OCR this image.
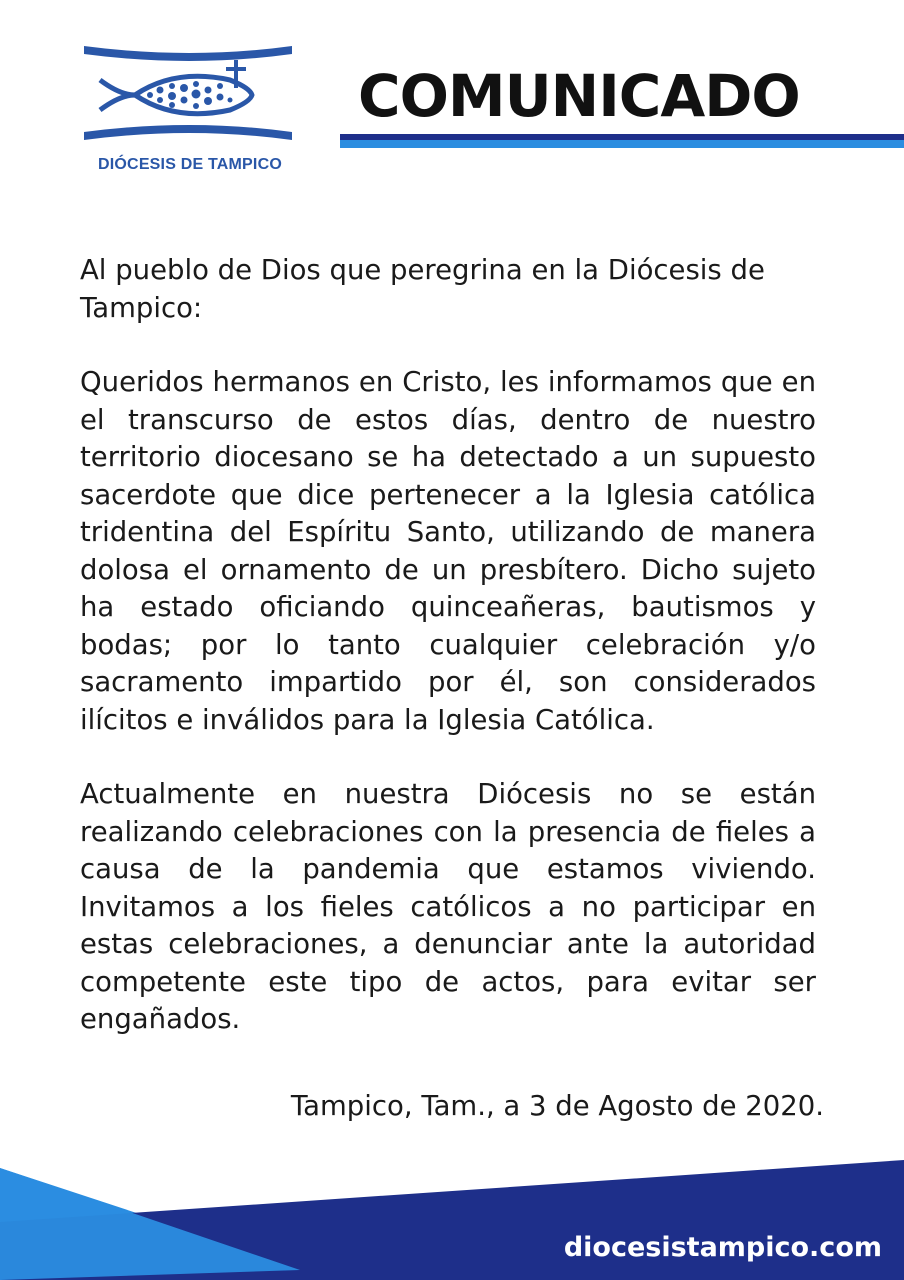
DIÓCESIS DE TAMPICO
COMUNICADO

Al pueblo de Dios que peregrina en la Diócesis de Tampico:

Queridos hermanos en Cristo, les informamos que en el transcurso de estos días, dentro de nuestro territorio diocesano se ha detectado a un supuesto sacerdote que dice pertenecer a la Iglesia católica tridentina del Espíritu Santo, utilizando de manera dolosa el ornamento de un presbítero. Dicho sujeto ha estado oficiando quinceañeras, bautismos y bodas; por lo tanto cualquier celebración y/o sacramento impartido por él, son considerados ilícitos e inválidos para la Iglesia Católica.

Actualmente en nuestra Diócesis no se están realizando celebraciones con la presencia de fieles a causa de la pandemia que estamos viviendo. Invitamos a los fieles católicos a no participar en estas celebraciones, a denunciar ante la autoridad competente este tipo de actos, para evitar ser engañados.

Tampico, Tam., a 3 de Agosto de 2020.
diocesistampico.com
